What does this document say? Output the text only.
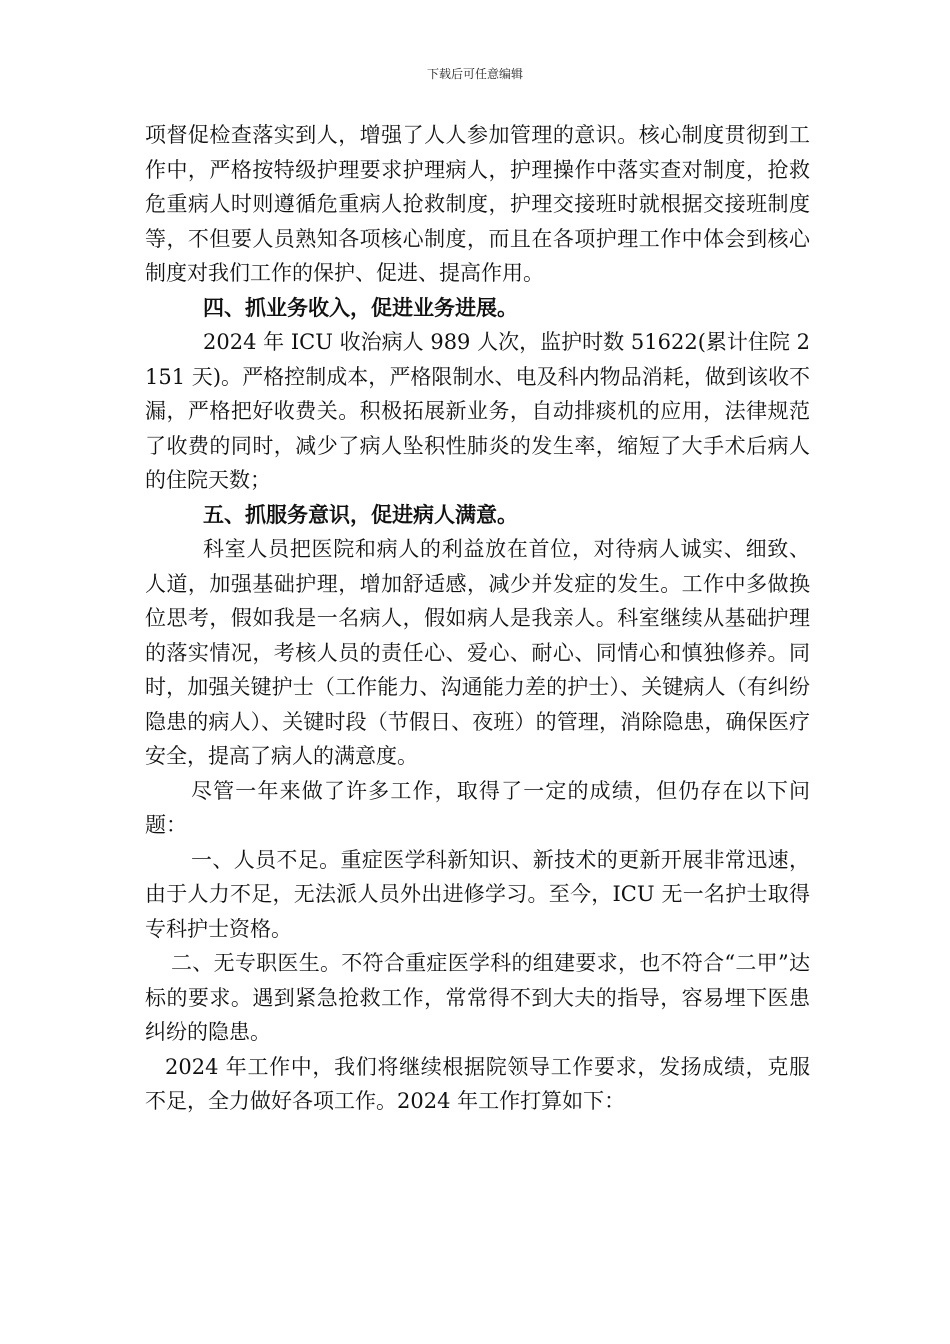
下载后可任意编辑

项督促检查落实到人，增强了人人参加管理的意识。核心制度贯彻到工作中，严格按特级护理要求护理病人，护理操作中落实查对制度，抢救危重病人时则遵循危重病人抢救制度，护理交接班时就根据交接班制度等，不但要人员熟知各项核心制度，而且在各项护理工作中体会到核心制度对我们工作的保护、促进、提高作用。

四、抓业务收入，促进业务进展。

2024 年 ICU 收治病人 989 人次，监护时数 51622(累计住院 2151 天)。严格控制成本，严格限制水、电及科内物品消耗，做到该收不漏，严格把好收费关。积极拓展新业务，自动排痰机的应用，法律规范了收费的同时，减少了病人坠积性肺炎的发生率，缩短了大手术后病人的住院天数；

五、抓服务意识，促进病人满意。

科室人员把医院和病人的利益放在首位，对待病人诚实、细致、人道，加强基础护理，增加舒适感，减少并发症的发生。工作中多做换位思考，假如我是一名病人，假如病人是我亲人。科室继续从基础护理的落实情况，考核人员的责任心、爱心、耐心、同情心和慎独修养。同时，加强关键护士（工作能力、沟通能力差的护士）、关键病人（有纠纷隐患的病人）、关键时段（节假日、夜班）的管理，消除隐患，确保医疗安全，提高了病人的满意度。

尽管一年来做了许多工作，取得了一定的成绩，但仍存在以下问题：

一、人员不足。重症医学科新知识、新技术的更新开展非常迅速，由于人力不足，无法派人员外出进修学习。至今，ICU 无一名护士取得专科护士资格。

二、无专职医生。不符合重症医学科的组建要求，也不符合“二甲”达标的要求。遇到紧急抢救工作，常常得不到大夫的指导，容易埋下医患纠纷的隐患。

2024 年工作中，我们将继续根据院领导工作要求，发扬成绩，克服不足，全力做好各项工作。2024 年工作打算如下：
